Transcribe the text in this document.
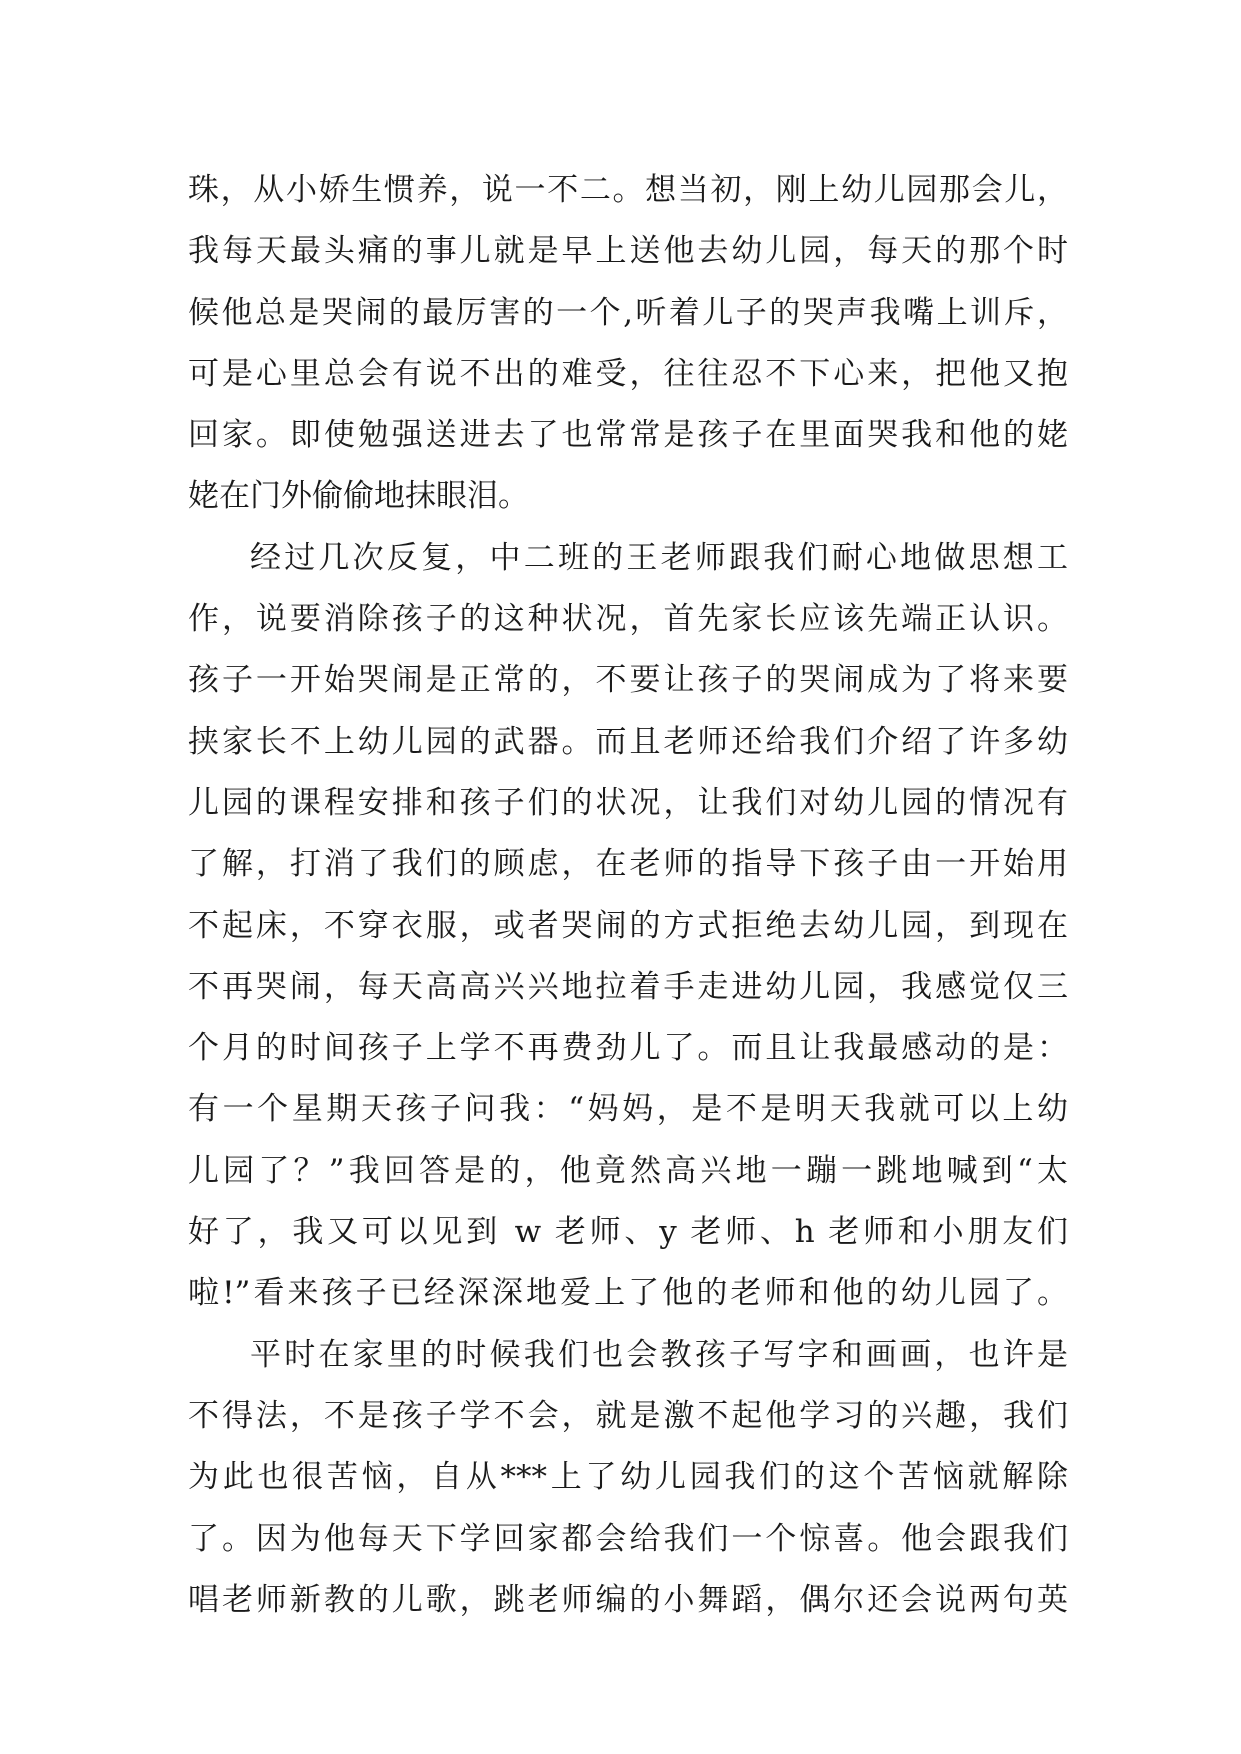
珠，从小娇生惯养，说一不二。想当初，刚上幼儿园那会儿，
我每天最头痛的事儿就是早上送他去幼儿园，每天的那个时
候他总是哭闹的最厉害的一个,听着儿子的哭声我嘴上训斥，
可是心里总会有说不出的难受，往往忍不下心来，把他又抱
回家。即使勉强送进去了也常常是孩子在里面哭我和他的姥
姥在门外偷偷地抹眼泪。
经过几次反复，中二班的王老师跟我们耐心地做思想工
作，说要消除孩子的这种状况，首先家长应该先端正认识。
孩子一开始哭闹是正常的，不要让孩子的哭闹成为了将来要
挟家长不上幼儿园的武器。而且老师还给我们介绍了许多幼
儿园的课程安排和孩子们的状况，让我们对幼儿园的情况有
了解，打消了我们的顾虑，在老师的指导下孩子由一开始用
不起床，不穿衣服，或者哭闹的方式拒绝去幼儿园，到现在
不再哭闹，每天高高兴兴地拉着手走进幼儿园，我感觉仅三
个月的时间孩子上学不再费劲儿了。而且让我最感动的是：
有一个星期天孩子问我：“妈妈，是不是明天我就可以上幼
儿园了？”我回答是的，他竟然高兴地一蹦一跳地喊到“太
好了，我又可以见到 w 老师、y 老师、h 老师和小朋友们
啦!”看来孩子已经深深地爱上了他的老师和他的幼儿园了。
平时在家里的时候我们也会教孩子写字和画画，也许是
不得法，不是孩子学不会，就是激不起他学习的兴趣，我们
为此也很苦恼，自从***上了幼儿园我们的这个苦恼就解除
了。因为他每天下学回家都会给我们一个惊喜。他会跟我们
唱老师新教的儿歌，跳老师编的小舞蹈，偶尔还会说两句英
